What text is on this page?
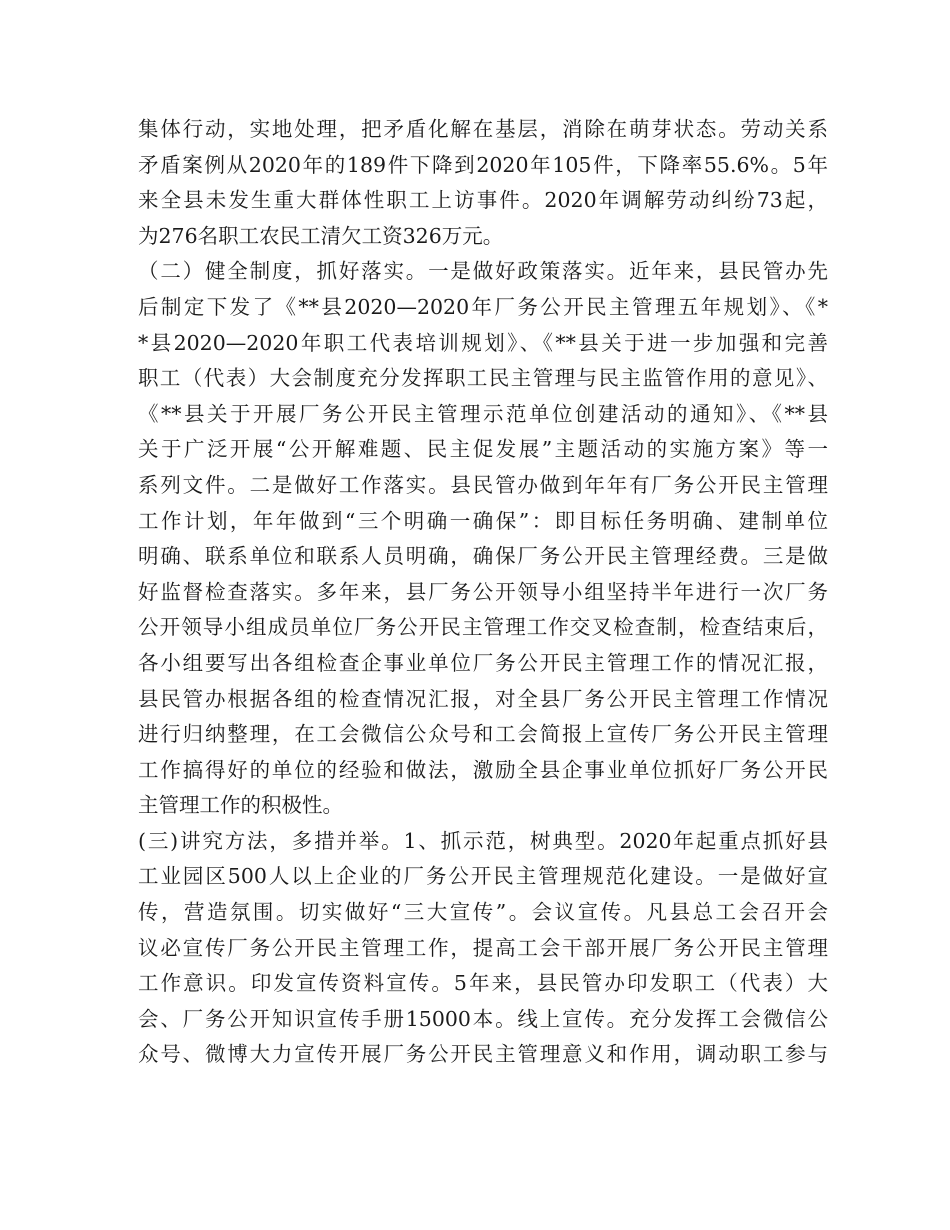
集体行动，实地处理，把矛盾化解在基层，消除在萌芽状态。劳动关系
矛盾案例从2020年的189件下降到2020年105件，下降率55.6%。5年
来全县未发生重大群体性职工上访事件。2020年调解劳动纠纷73起，
为276名职工农民工清欠工资326万元。
（二）健全制度，抓好落实。一是做好政策落实。近年来，县民管办先
后制定下发了《**县2020—2020年厂务公开民主管理五年规划》、《*
*县2020—2020年职工代表培训规划》、《**县关于进一步加强和完善
职工（代表）大会制度充分发挥职工民主管理与民主监管作用的意见》、
《**县关于开展厂务公开民主管理示范单位创建活动的通知》、《**县
关于广泛开展“公开解难题、民主促发展”主题活动的实施方案》等一
系列文件。二是做好工作落实。县民管办做到年年有厂务公开民主管理
工作计划，年年做到“三个明确一确保”：即目标任务明确、建制单位
明确、联系单位和联系人员明确，确保厂务公开民主管理经费。三是做
好监督检查落实。多年来，县厂务公开领导小组坚持半年进行一次厂务
公开领导小组成员单位厂务公开民主管理工作交叉检查制，检查结束后，
各小组要写出各组检查企事业单位厂务公开民主管理工作的情况汇报，
县民管办根据各组的检查情况汇报，对全县厂务公开民主管理工作情况
进行归纳整理，在工会微信公众号和工会简报上宣传厂务公开民主管理
工作搞得好的单位的经验和做法，激励全县企事业单位抓好厂务公开民
主管理工作的积极性。
(三)讲究方法，多措并举。1、抓示范，树典型。2020年起重点抓好县
工业园区500人以上企业的厂务公开民主管理规范化建设。一是做好宣
传，营造氛围。切实做好“三大宣传”。会议宣传。凡县总工会召开会
议必宣传厂务公开民主管理工作，提高工会干部开展厂务公开民主管理
工作意识。印发宣传资料宣传。5年来，县民管办印发职工（代表）大
会、厂务公开知识宣传手册15000本。线上宣传。充分发挥工会微信公
众号、微博大力宣传开展厂务公开民主管理意义和作用，调动职工参与
